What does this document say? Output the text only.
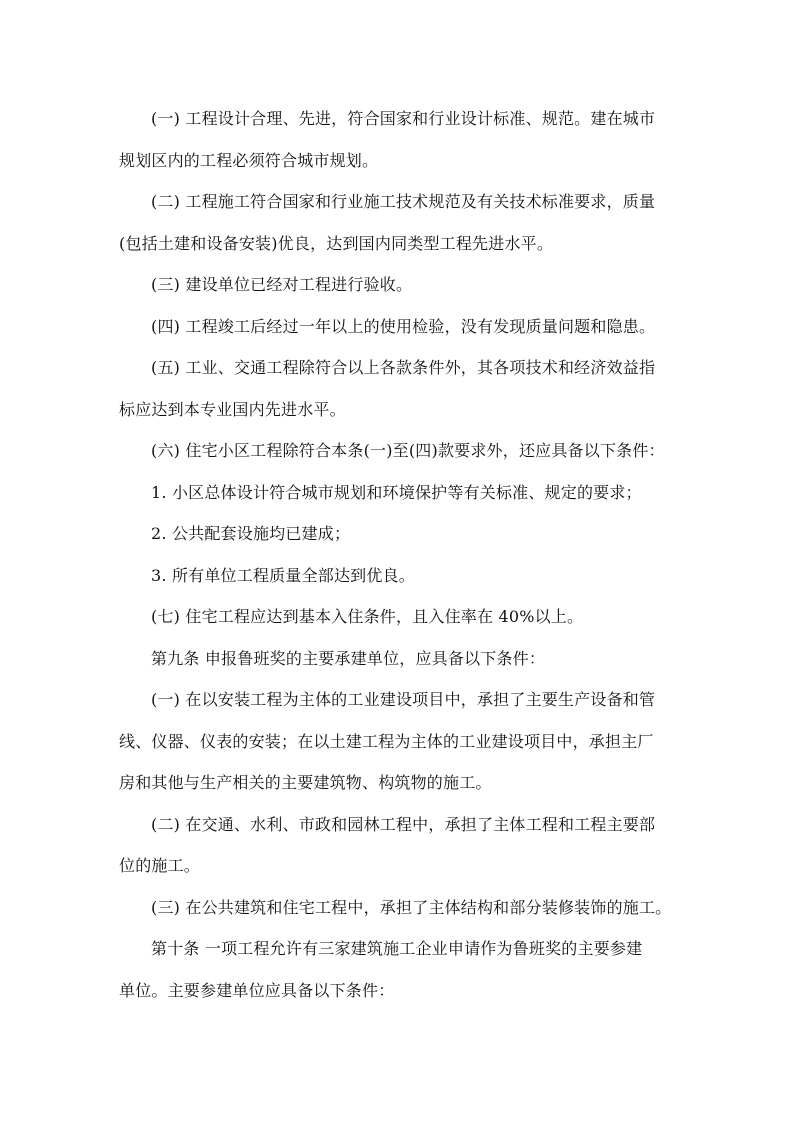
(一) 工程设计合理、先进，符合国家和行业设计标准、规范。建在城市

规划区内的工程必须符合城市规划。

(二) 工程施工符合国家和行业施工技术规范及有关技术标准要求，质量

(包括土建和设备安装)优良，达到国内同类型工程先进水平。

(三) 建设单位已经对工程进行验收。

(四) 工程竣工后经过一年以上的使用检验，没有发现质量问题和隐患。

(五) 工业、交通工程除符合以上各款条件外，其各项技术和经济效益指

标应达到本专业国内先进水平。

(六) 住宅小区工程除符合本条(一)至(四)款要求外，还应具备以下条件：

1. 小区总体设计符合城市规划和环境保护等有关标准、规定的要求；

2. 公共配套设施均已建成；

3. 所有单位工程质量全部达到优良。

(七) 住宅工程应达到基本入住条件，且入住率在 40%以上。

第九条 申报鲁班奖的主要承建单位，应具备以下条件：

(一) 在以安装工程为主体的工业建设项目中，承担了主要生产设备和管

线、仪器、仪表的安装；在以土建工程为主体的工业建设项目中，承担主厂

房和其他与生产相关的主要建筑物、构筑物的施工。

(二) 在交通、水利、市政和园林工程中，承担了主体工程和工程主要部

位的施工。

(三) 在公共建筑和住宅工程中，承担了主体结构和部分装修装饰的施工。

第十条 一项工程允许有三家建筑施工企业申请作为鲁班奖的主要参建

单位。主要参建单位应具备以下条件：
